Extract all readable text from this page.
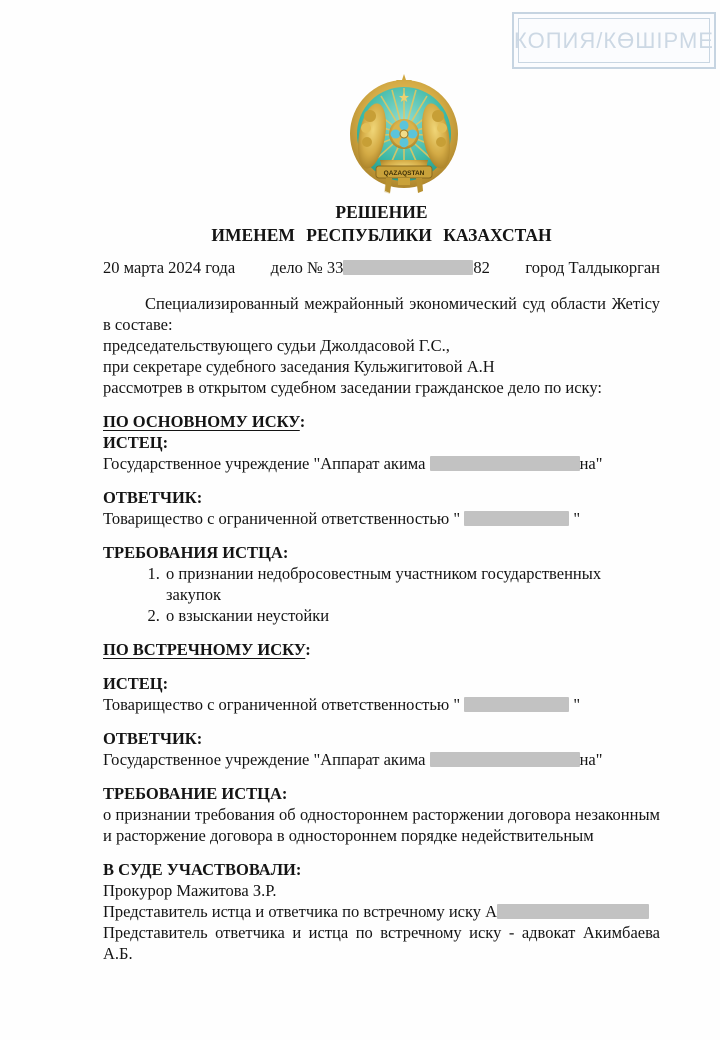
КОПИЯ/КӨШІРМЕ
QAZAQSTAN
РЕШЕНИЕ
ИМЕНЕМ РЕСПУБЛИКИ КАЗАХСТАН
20 марта 2024 года дело № 33	82 город Талдыкорган
Специализированный межрайонный экономический суд области Жетісу в составе:
председательствующего судьи Джолдасовой Г.С.,
при секретаре судебного заседания Кульжигитовой А.Н
рассмотрев в открытом судебном заседании гражданское дело по иску:
ПО ОСНОВНОМУ ИСКУ:
ИСТЕЦ:
Государственное учреждение "Аппарат акима	на"
ОТВЕТЧИК:
Товарищество с ограниченной ответственностью "	"
ТРЕБОВАНИЯ ИСТЦА:
1. о признании недобросовестным участником государственных закупок
2. о взыскании неустойки
ПО ВСТРЕЧНОМУ ИСКУ:
ИСТЕЦ:
Товарищество с ограниченной ответственностью "	"
ОТВЕТЧИК:
Государственное учреждение "Аппарат акима	на"
ТРЕБОВАНИЕ ИСТЦА:
о признании требования об одностороннем расторжении договора незаконным и расторжение договора в одностороннем порядке недействительным
В СУДЕ УЧАСТВОВАЛИ:
Прокурор Мажитова З.Р.
Представитель истца и ответчика по встречному иску А
Представитель ответчика и истца по встречному иску - адвокат Акимбаева А.Б.
